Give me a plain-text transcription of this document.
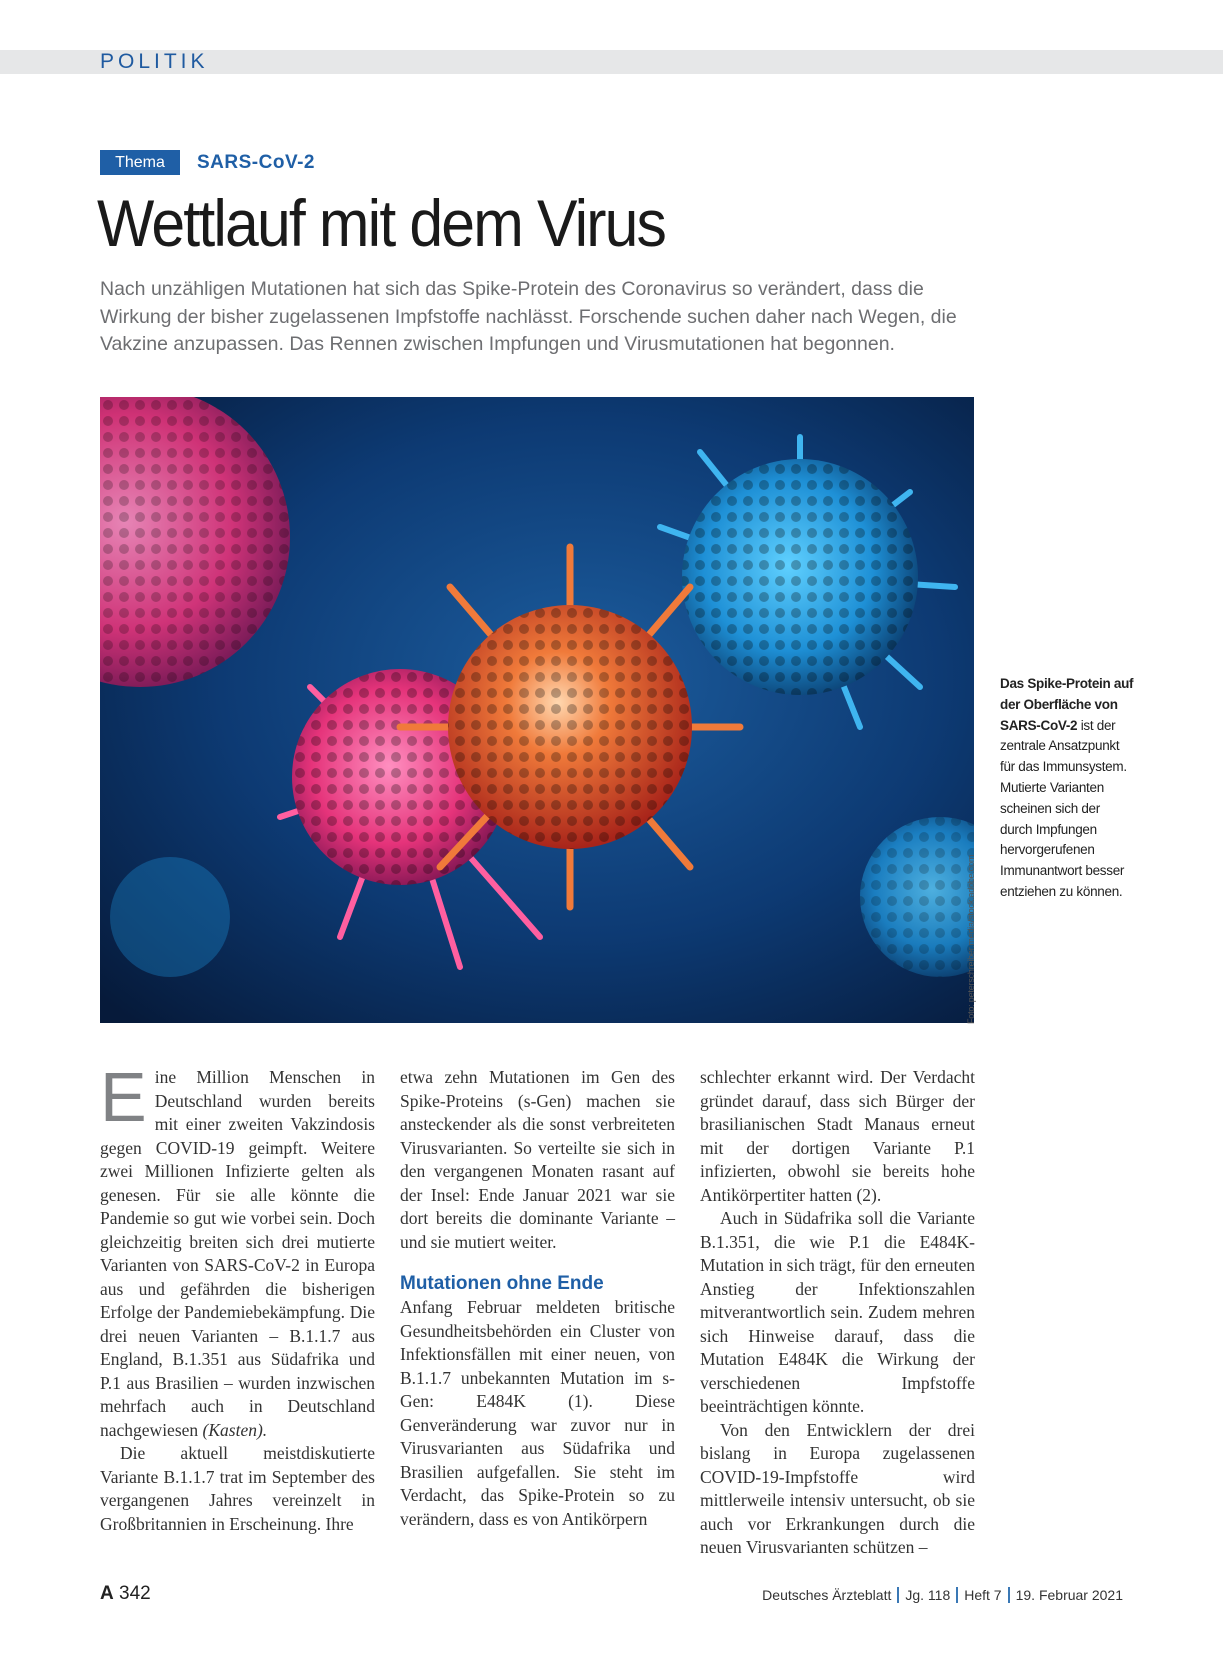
POLITIK
Thema	SARS-CoV-2
Wettlauf mit dem Virus

Nach unzähligen Mutationen hat sich das Spike-Protein des Coronavirus so verändert, dass die Wirkung der bisher zugelassenen Impfstoffe nachlässt. Forschende suchen daher nach Wegen, die Vakzine anzupassen. Das Rennen zwischen Impfungen und Virusmutationen hat begonnen.

Foto: peterschreiber.media/stock.adobe.com

Das Spike-Protein auf der Oberfläche von SARS-CoV-2 ist der zentrale Ansatzpunkt für das Immunsystem. Mutierte Varianten scheinen sich der durch Impfungen hervorgerufenen Immunantwort besser entziehen zu können.

Eine Million Menschen in Deutschland wurden bereits mit einer zweiten Vakzindosis gegen COVID-19 geimpft. Weitere zwei Millionen Infizierte gelten als genesen. Für sie alle könnte die Pandemie so gut wie vorbei sein. Doch gleichzeitig breiten sich drei mutierte Varianten von SARS-CoV-2 in Europa aus und gefährden die bisherigen Erfolge der Pandemiebekämpfung. Die drei neuen Varianten – B.1.1.7 aus England, B.1.351 aus Südafrika und P.1 aus Brasilien – wurden inzwischen mehrfach auch in Deutschland nachgewiesen (Kasten).

Die aktuell meistdiskutierte Variante B.1.1.7 trat im September des vergangenen Jahres vereinzelt in Großbritannien in Erscheinung. Ihre

etwa zehn Mutationen im Gen des Spike-Proteins (s-Gen) machen sie ansteckender als die sonst verbreiteten Virusvarianten. So verteilte sie sich in den vergangenen Monaten rasant auf der Insel: Ende Januar 2021 war sie dort bereits die dominante Variante – und sie mutiert weiter.

Mutationen ohne Ende

Anfang Februar meldeten britische Gesundheitsbehörden ein Cluster von Infektionsfällen mit einer neuen, von B.1.1.7 unbekannten Mutation im s-Gen: E484K (1). Diese Genveränderung war zuvor nur in Virusvarianten aus Südafrika und Brasilien aufgefallen. Sie steht im Verdacht, das Spike-Protein so zu verändern, dass es von Antikörpern

schlechter erkannt wird. Der Verdacht gründet darauf, dass sich Bürger der brasilianischen Stadt Manaus erneut mit der dortigen Variante P.1 infizierten, obwohl sie bereits hohe Antikörpertiter hatten (2).

Auch in Südafrika soll die Variante B.1.351, die wie P.1 die E484K-Mutation in sich trägt, für den erneuten Anstieg der Infektionszahlen mitverantwortlich sein. Zudem mehren sich Hinweise darauf, dass die Mutation E484K die Wirkung der verschiedenen Impfstoffe beeinträchtigen könnte.

Von den Entwicklern der drei bislang in Europa zugelassenen COVID-19-Impfstoffe wird mittlerweile intensiv untersucht, ob sie auch vor Erkrankungen durch die neuen Virusvarianten schützen –

A 342	Deutsches Ärzteblatt Jg. 118 Heft 7 19. Februar 2021
